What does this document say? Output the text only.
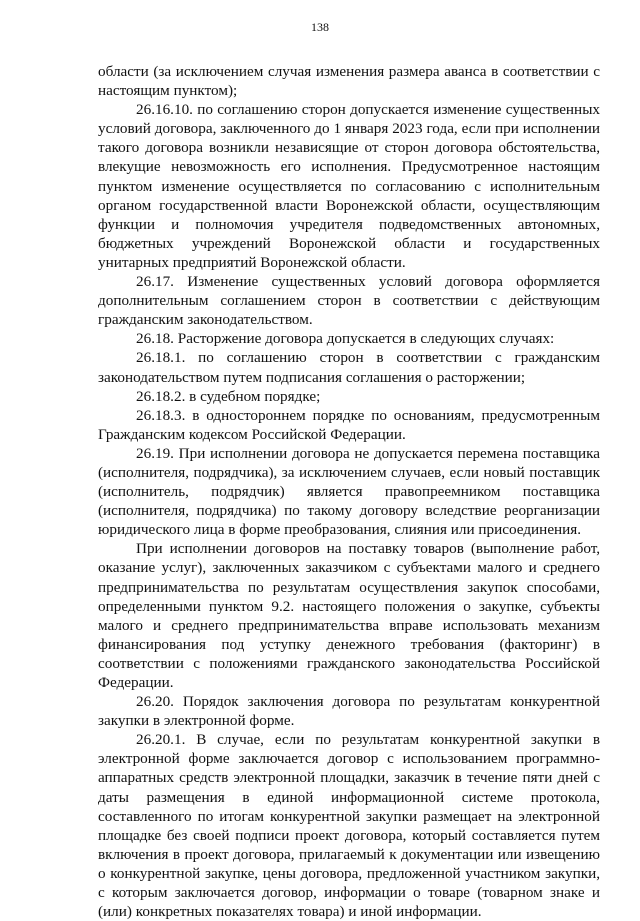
138

области (за исключением случая изменения размера аванса в соответствии с настоящим пунктом);

26.16.10. по соглашению сторон допускается изменение существенных условий договора, заключенного до 1 января 2023 года, если при исполнении такого договора возникли независящие от сторон договора обстоятельства, влекущие невозможность его исполнения. Предусмотренное настоящим пунктом изменение осуществляется по согласованию с исполнительным органом государственной власти Воронежской области, осуществляющим функции и полномочия учредителя подведомственных автономных, бюджетных учреждений Воронежской области и государственных унитарных предприятий Воронежской области.

26.17. Изменение существенных условий договора оформляется дополнительным соглашением сторон в соответствии с действующим гражданским законодательством.

26.18. Расторжение договора допускается в следующих случаях:

26.18.1. по соглашению сторон в соответствии с гражданским законодательством путем подписания соглашения о расторжении;

26.18.2. в судебном порядке;

26.18.3. в одностороннем порядке по основаниям, предусмотренным Гражданским кодексом Российской Федерации.

26.19. При исполнении договора не допускается перемена поставщика (исполнителя, подрядчика), за исключением случаев, если новый поставщик (исполнитель, подрядчик) является правопреемником поставщика (исполнителя, подрядчика) по такому договору вследствие реорганизации юридического лица в форме преобразования, слияния или присоединения.

При исполнении договоров на поставку товаров (выполнение работ, оказание услуг), заключенных заказчиком с субъектами малого и среднего предпринимательства по результатам осуществления закупок способами, определенными пунктом 9.2. настоящего положения о закупке, субъекты малого и среднего предпринимательства вправе использовать механизм финансирования под уступку денежного требования (факторинг) в соответствии с положениями гражданского законодательства Российской Федерации.

26.20. Порядок заключения договора по результатам конкурентной закупки в электронной форме.

26.20.1. В случае, если по результатам конкурентной закупки в электронной форме заключается договор с использованием программно-аппаратных средств электронной площадки, заказчик в течение пяти дней с даты размещения в единой информационной системе протокола, составленного по итогам конкурентной закупки размещает на электронной площадке без своей подписи проект договора, который составляется путем включения в проект договора, прилагаемый к документации или извещению о конкурентной закупке, цены договора, предложенной участником закупки, с которым заключается договор, информации о товаре (товарном знаке и (или) конкретных показателях товара) и иной информации.
